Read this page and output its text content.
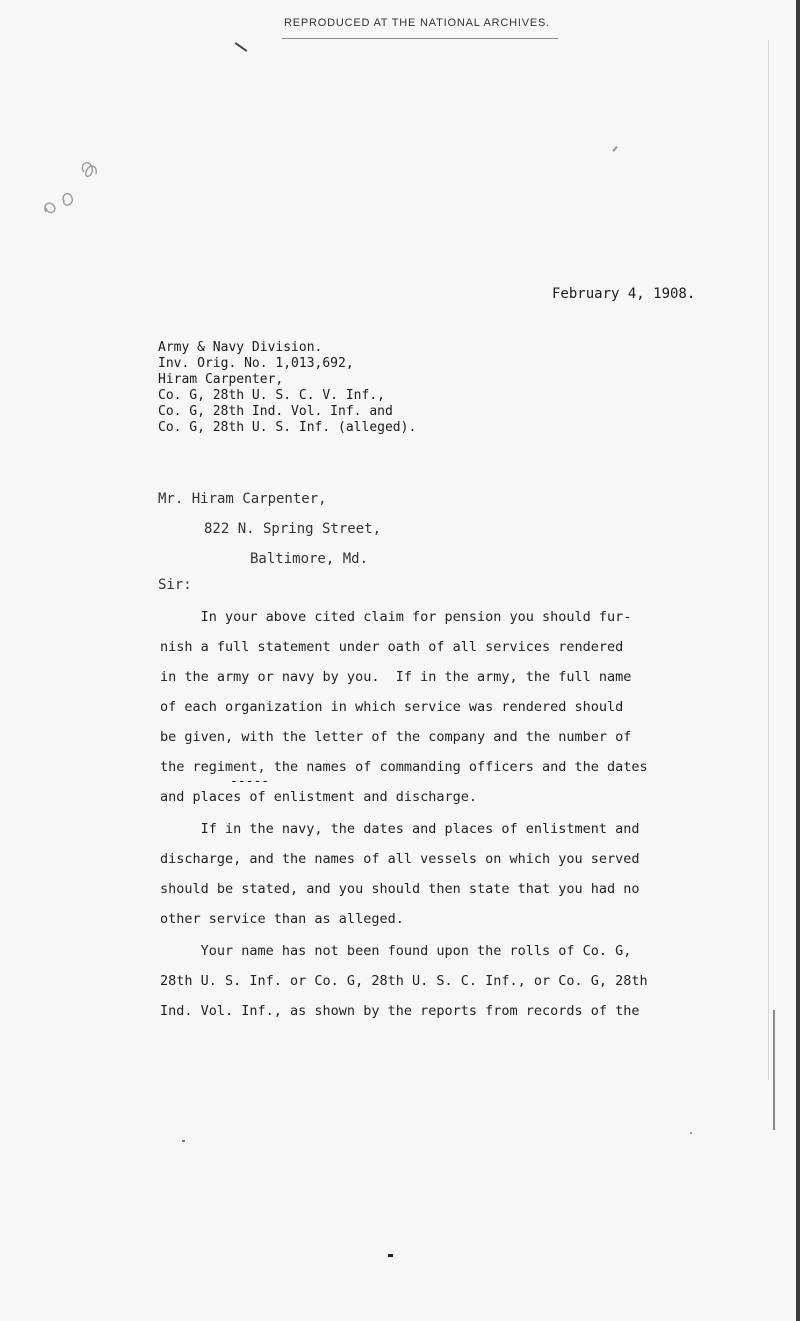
REPRODUCED AT THE NATIONAL ARCHIVES.
February 4, 1908.
Army & Navy Division.
Inv. Orig. No. 1,013,692,
Hiram Carpenter,
Co. G, 28th U. S. C. V. Inf.,
Co. G, 28th Ind. Vol. Inf. and
Co. G, 28th U. S. Inf. (alleged).
-----
Mr. Hiram Carpenter,
822 N. Spring Street,
Baltimore, Md.
Sir:
In your above cited claim for pension you should fur-
nish a full statement under oath of all services rendered
in the army or navy by you.  If in the army, the full name
of each organization in which service was rendered should
be given, with the letter of the company and the number of
the regiment, the names of commanding officers and the dates
and places of enlistment and discharge.
If in the navy, the dates and places of enlistment and
discharge, and the names of all vessels on which you served
should be stated, and you should then state that you had no
other service than as alleged.
Your name has not been found upon the rolls of Co. G,
28th U. S. Inf. or Co. G, 28th U. S. C. Inf., or Co. G, 28th
Ind. Vol. Inf., as shown by the reports from records of the
